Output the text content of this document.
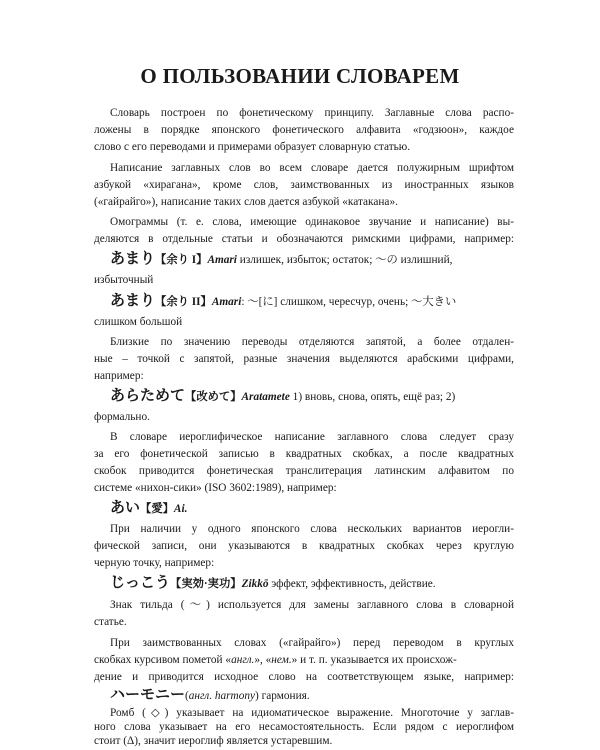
О ПОЛЬЗОВАНИИ СЛОВАРЕМ
Словарь построен по фонетическому принципу. Заглавные слова распо-
ложены в порядке японского фонетического алфавита «годзюон», каждое
слово с его переводами и примерами образует словарную статью.
Написание заглавных слов во всем словаре дается полужирным шрифтом
азбукой «хирагана», кроме слов, заимствованных из иностранных языков
(«гайрайго»), написание таких слов дается азбукой «катакана».
Омограммы (т. е. слова, имеющие одинаковое звучание и написание) вы-
деляются в отдельные статьи и обозначаются римскими цифрами, например:
あまり【余り I】Amari излишек, избыток; остаток; ～の излишний,
избыточный
あまり【余り II】Amari: ～[に] слишком, чересчур, очень; ～大きい
слишком большой
Близкие по значению переводы отделяются запятой, а более отдален-
ные – точкой с запятой, разные значения выделяются арабскими цифрами,
например:
あらためて【改めて】Aratamete 1) вновь, снова, опять, ещё раз; 2)
формально.
В словаре иероглифическое написание заглавного слова следует сразу
за его фонетической записью в квадратных скобках, а после квадратных
скобок приводится фонетическая транслитерация латинским алфавитом по
системе «нихон-сики» (ISO 3602:1989), например:
あい【愛】Ai.
При наличии у одного японского слова нескольких вариантов иерогли-
фической записи, они указываются в квадратных скобках через круглую
черную точку, например:
じっこう【実効·実功】Zikkō эффект, эффективность, действие.
Знак тильда (～) используется для замены заглавного слова в словарной
статье.
При заимствованных словах («гайрайго») перед переводом в круглых
скобках курсивом пометой «англ.», «нем.» и т. п. указывается их происхож-
дение и приводится исходное слово на соответствующем языке, например:
ハーモニー(англ. harmony) гармония.
Ромб (◇) указывает на идиоматическое выражение. Многоточие у заглав-
ного слова указывает на его несамостоятельность. Если рядом с иероглифом
стоит (Δ), значит иероглиф является устаревшим.
